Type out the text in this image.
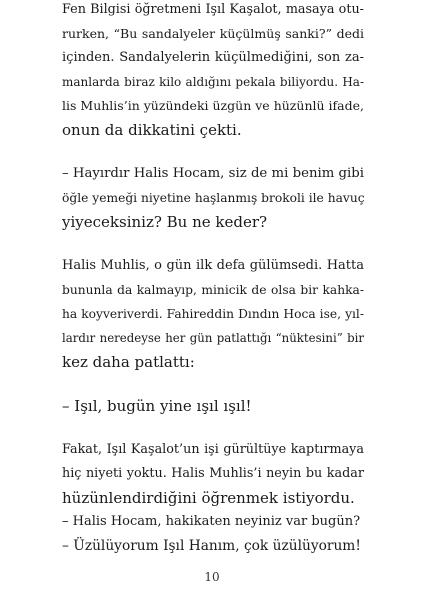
Fen Bilgisi öğretmeni Işıl Kaşalot, masaya otu-
rurken, “Bu sandalyeler küçülmüş sanki?” dedi
içinden. Sandalyelerin küçülmediğini, son za-
manlarda biraz kilo aldığını pekala biliyordu. Ha-
lis Muhlis’in yüzündeki üzgün ve hüzünlü ifade,
onun da dikkatini çekti.
– Hayırdır Halis Hocam, siz de mi benim gibi
öğle yemeği niyetine haşlanmış brokoli ile havuç
yiyeceksiniz? Bu ne keder?
Halis Muhlis, o gün ilk defa gülümsedi. Hatta
bununla da kalmayıp, minicik de olsa bir kahka-
ha koyveriverdi. Fahireddin Dındın Hoca ise, yıl-
lardır neredeyse her gün patlattığı “nüktesini” bir
kez daha patlattı:
– Işıl, bugün yine ışıl ışıl!
Fakat, Işıl Kaşalot’un işi gürültüye kaptırmaya
hiç niyeti yoktu. Halis Muhlis’i neyin bu kadar
hüzünlendirdiğini öğrenmek istiyordu.
– Halis Hocam, hakikaten neyiniz var bugün?
– Üzülüyorum Işıl Hanım, çok üzülüyorum!
10
